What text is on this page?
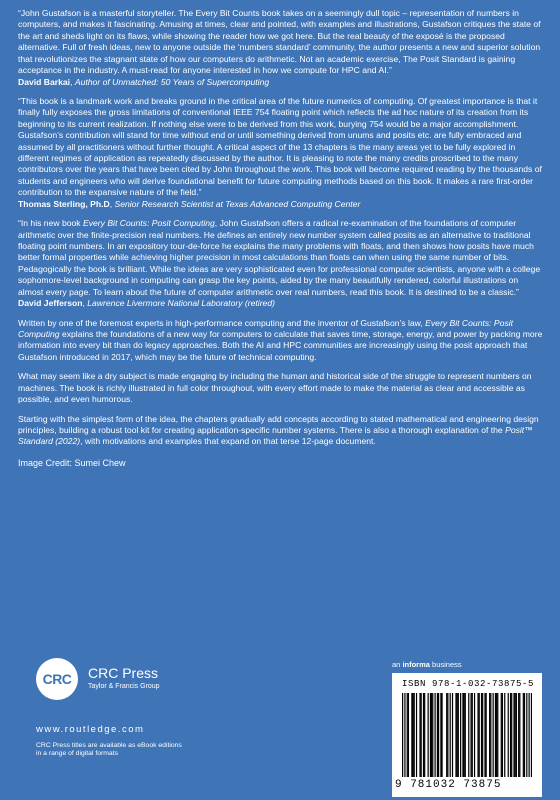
“John Gustafson is a masterful storyteller. The Every Bit Counts book takes on a seemingly dull topic – representation of numbers in computers, and makes it fascinating. Amusing at times, clear and pointed, with examples and illustrations, Gustafson critiques the state of the art and sheds light on its flaws, while showing the reader how we got here. But the real beauty of the exposé is the proposed alternative. Full of fresh ideas, new to anyone outside the ‘numbers standard’ community, the author presents a new and superior solution that revolutionizes the stagnant state of how our computers do arithmetic. Not an academic exercise, The Posit Standard is gaining acceptance in the industry. A must-read for anyone interested in how we compute for HPC and AI.”

David Barkai, Author of Unmatched: 50 Years of Supercomputing

“This book is a landmark work and breaks ground in the critical area of the future numerics of computing. Of greatest importance is that it finally fully exposes the gross limitations of conventional IEEE 754 floating point which reflects the ad hoc nature of its creation from its beginning to its current realization. If nothing else were to be derived from this work, burying 754 would be a major accomplishment. Gustafson’s contribution will stand for time without end or until something derived from unums and posits etc. are fully embraced and assumed by all practitioners without further thought. A critical aspect of the 13 chapters is the many areas yet to be fully explored in different regimes of application as repeatedly discussed by the author. It is pleasing to note the many credits proscribed to the many contributors over the years that have been cited by John throughout the work. This book will become required reading by the thousands of students and engineers who will derive foundational benefit for future computing methods based on this book. It makes a rare first-order contribution to the expansive nature of the field.”

Thomas Sterling, Ph.D, Senior Research Scientist at Texas Advanced Computing Center

“In his new book Every Bit Counts: Posit Computing, John Gustafson offers a radical re-examination of the foundations of computer arithmetic over the finite-precision real numbers. He defines an entirely new number system called posits as an alternative to traditional floating point numbers. In an expository tour-de-force he explains the many problems with floats, and then shows how posits have much better formal properties while achieving higher precision in most calculations than floats can when using the same number of bits. Pedagogically the book is brilliant. While the ideas are very sophisticated even for professional computer scientists, anyone with a college sophomore-level background in computing can grasp the key points, aided by the many beautifully rendered, colorful illustrations on almost every page. To learn about the future of computer arithmetic over real numbers, read this book. It is destined to be a classic.”

David Jefferson, Lawrence Livermore National Laboratory (retired)

Written by one of the foremost experts in high-performance computing and the inventor of Gustafson’s law, Every Bit Counts: Posit Computing explains the foundations of a new way for computers to calculate that saves time, storage, energy, and power by packing more information into every bit than do legacy approaches. Both the AI and HPC communities are increasingly using the posit approach that Gustafson introduced in 2017, which may be the future of technical computing.

What may seem like a dry subject is made engaging by including the human and historical side of the struggle to represent numbers on machines. The book is richly illustrated in full color throughout, with every effort made to make the material as clear and accessible as possible, and even humorous.

Starting with the simplest form of the idea, the chapters gradually add concepts according to stated mathematical and engineering design principles, building a robust tool kit for creating application-specific number systems. There is also a thorough explanation of the Posit™ Standard (2022), with motivations and examples that expand on that terse 12-page document.

Image Credit: Sumei Chew

CRC	CRC Press
Taylor & Francis Group
www.routledge.com
CRC Press titles are available as eBook editions in a range of digital formats
an informa business
ISBN 978-1-032-73875-5
9 781032 73875
